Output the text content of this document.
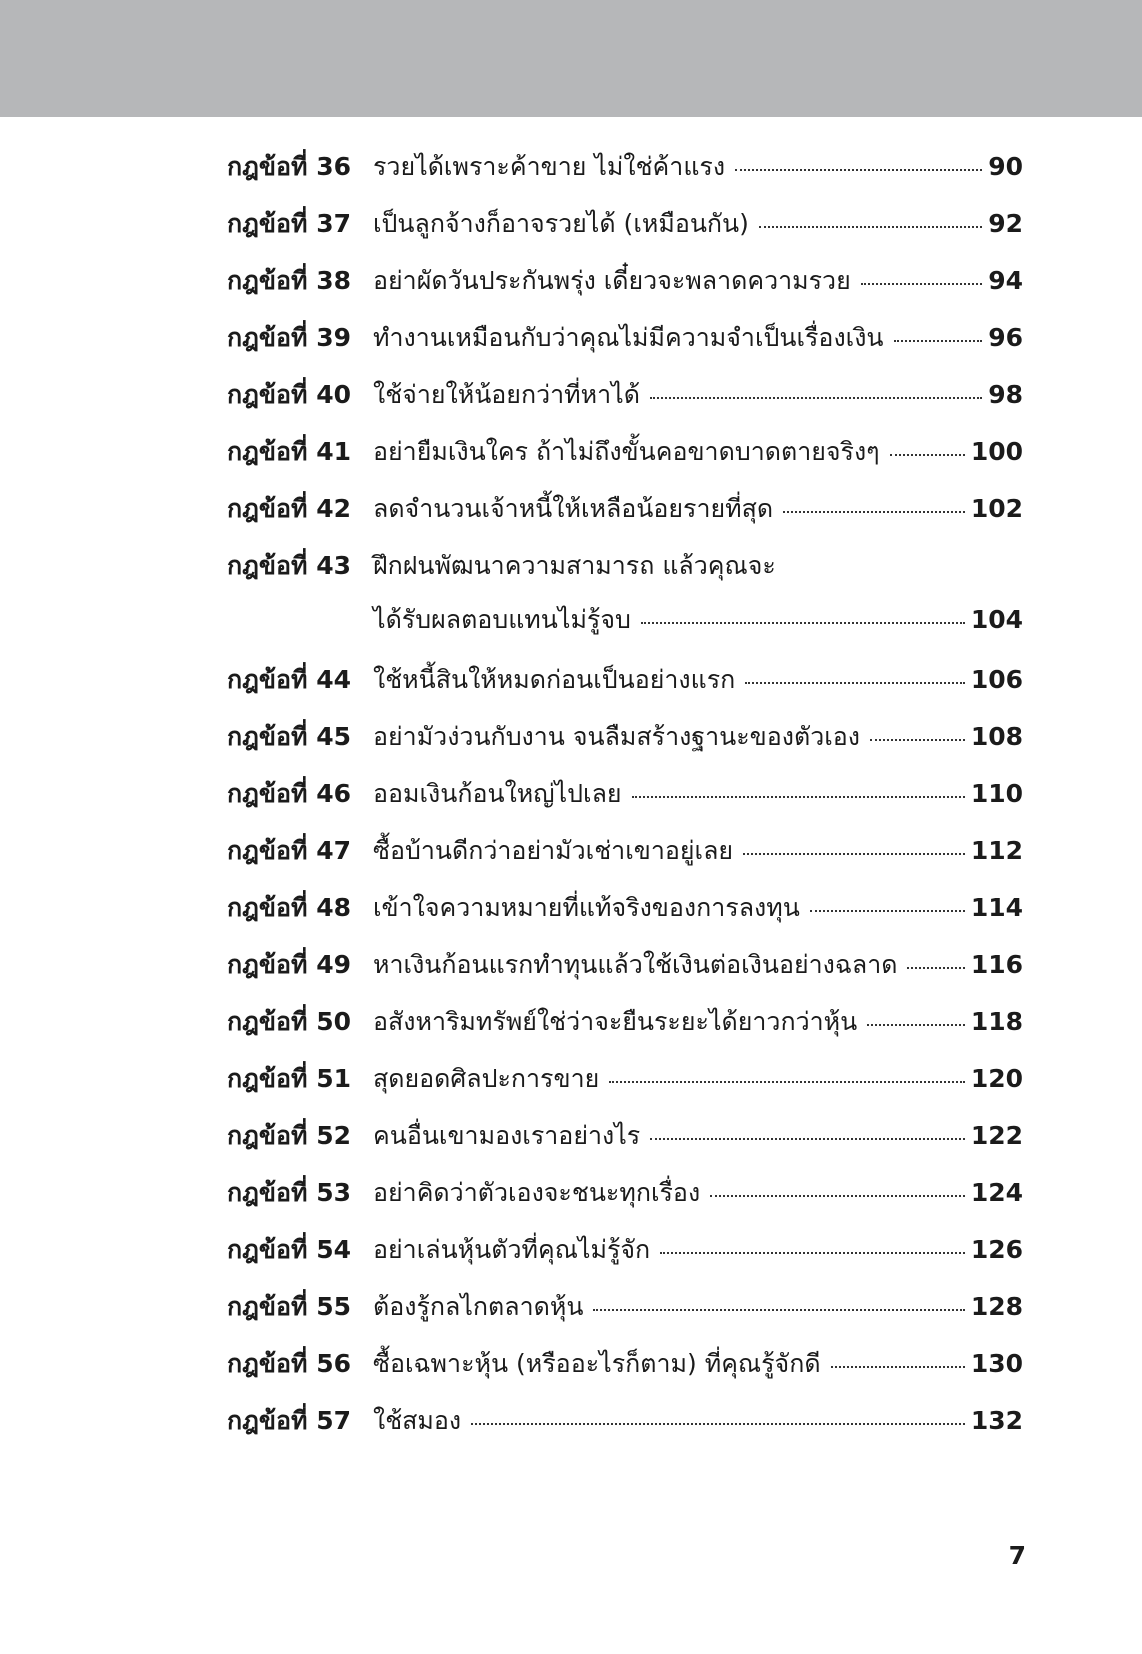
กฎข้อที่ 36 รวยได้เพราะค้าขาย ไม่ใช่ค้าแรง	90
กฎข้อที่ 37 เป็นลูกจ้างก็อาจรวยได้ (เหมือนกัน)	92
กฎข้อที่ 38 อย่าผัดวันประกันพรุ่ง เดี๋ยวจะพลาดความรวย	94
กฎข้อที่ 39 ทำงานเหมือนกับว่าคุณไม่มีความจำเป็นเรื่องเงิน	96
กฎข้อที่ 40 ใช้จ่ายให้น้อยกว่าที่หาได้	98
กฎข้อที่ 41 อย่ายืมเงินใคร ถ้าไม่ถึงขั้นคอขาดบาดตายจริงๆ	100
กฎข้อที่ 42 ลดจำนวนเจ้าหนี้ให้เหลือน้อยรายที่สุด	102
กฎข้อที่ 43 ฝึกฝนพัฒนาความสามารถ แล้วคุณจะ
ได้รับผลตอบแทนไม่รู้จบ	104
กฎข้อที่ 44 ใช้หนี้สินให้หมดก่อนเป็นอย่างแรก	106
กฎข้อที่ 45 อย่ามัวง่วนกับงาน จนลืมสร้างฐานะของตัวเอง	108
กฎข้อที่ 46 ออมเงินก้อนใหญ่ไปเลย	110
กฎข้อที่ 47 ซื้อบ้านดีกว่าอย่ามัวเช่าเขาอยู่เลย	112
กฎข้อที่ 48 เข้าใจความหมายที่แท้จริงของการลงทุน	114
กฎข้อที่ 49 หาเงินก้อนแรกทำทุนแล้วใช้เงินต่อเงินอย่างฉลาด	116
กฎข้อที่ 50 อสังหาริมทรัพย์ใช่ว่าจะยืนระยะได้ยาวกว่าหุ้น	118
กฎข้อที่ 51 สุดยอดศิลปะการขาย	120
กฎข้อที่ 52 คนอื่นเขามองเราอย่างไร	122
กฎข้อที่ 53 อย่าคิดว่าตัวเองจะชนะทุกเรื่อง	124
กฎข้อที่ 54 อย่าเล่นหุ้นตัวที่คุณไม่รู้จัก	126
กฎข้อที่ 55 ต้องรู้กลไกตลาดหุ้น	128
กฎข้อที่ 56 ซื้อเฉพาะหุ้น (หรืออะไรก็ตาม) ที่คุณรู้จักดี	130
กฎข้อที่ 57 ใช้สมอง	132
7
